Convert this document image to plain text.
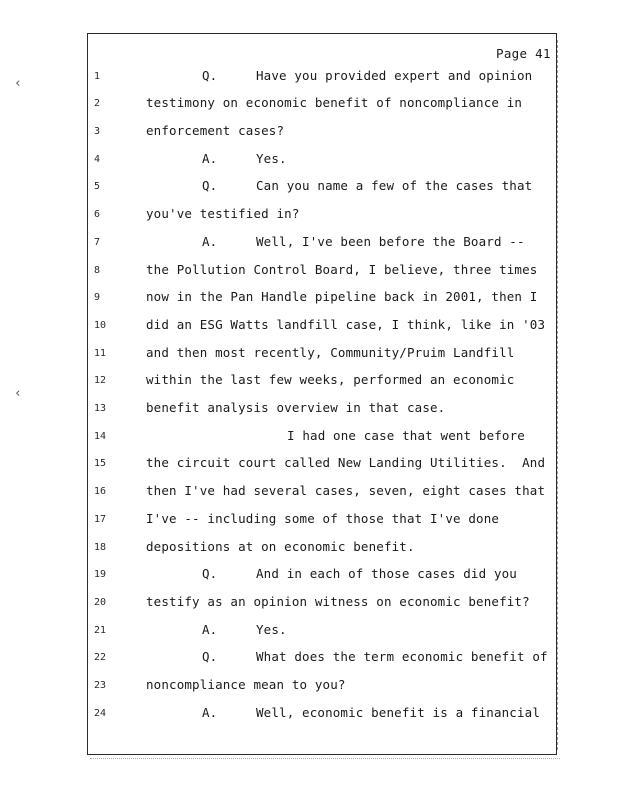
‹
‹
Page 41

1

	Q.	Have you provided expert and opinion

2

	testimony on economic benefit of noncompliance in

3

	enforcement cases?

4

	A.	Yes.

5

	Q.	Can you name a few of the cases that

6

	you've testified in?

7

	A.	Well, I've been before the Board --

8

	the Pollution Control Board, I believe, three times

9

	now in the Pan Handle pipeline back in 2001, then I

10

	did an ESG Watts landfill case, I think, like in '03

11

	and then most recently, Community/Pruim Landfill

12

	within the last few weeks, performed an economic

13

	benefit analysis overview in that case.

14

	I had one case that went before

15

	the circuit court called New Landing Utilities.  And

16

	then I've had several cases, seven, eight cases that

17

	I've -- including some of those that I've done

18

	depositions at on economic benefit.

19

	Q.	And in each of those cases did you

20

	testify as an opinion witness on economic benefit?

21

	A.	Yes.

22

	Q.	What does the term economic benefit of

23

	noncompliance mean to you?

24

	A.	Well, economic benefit is a financial
